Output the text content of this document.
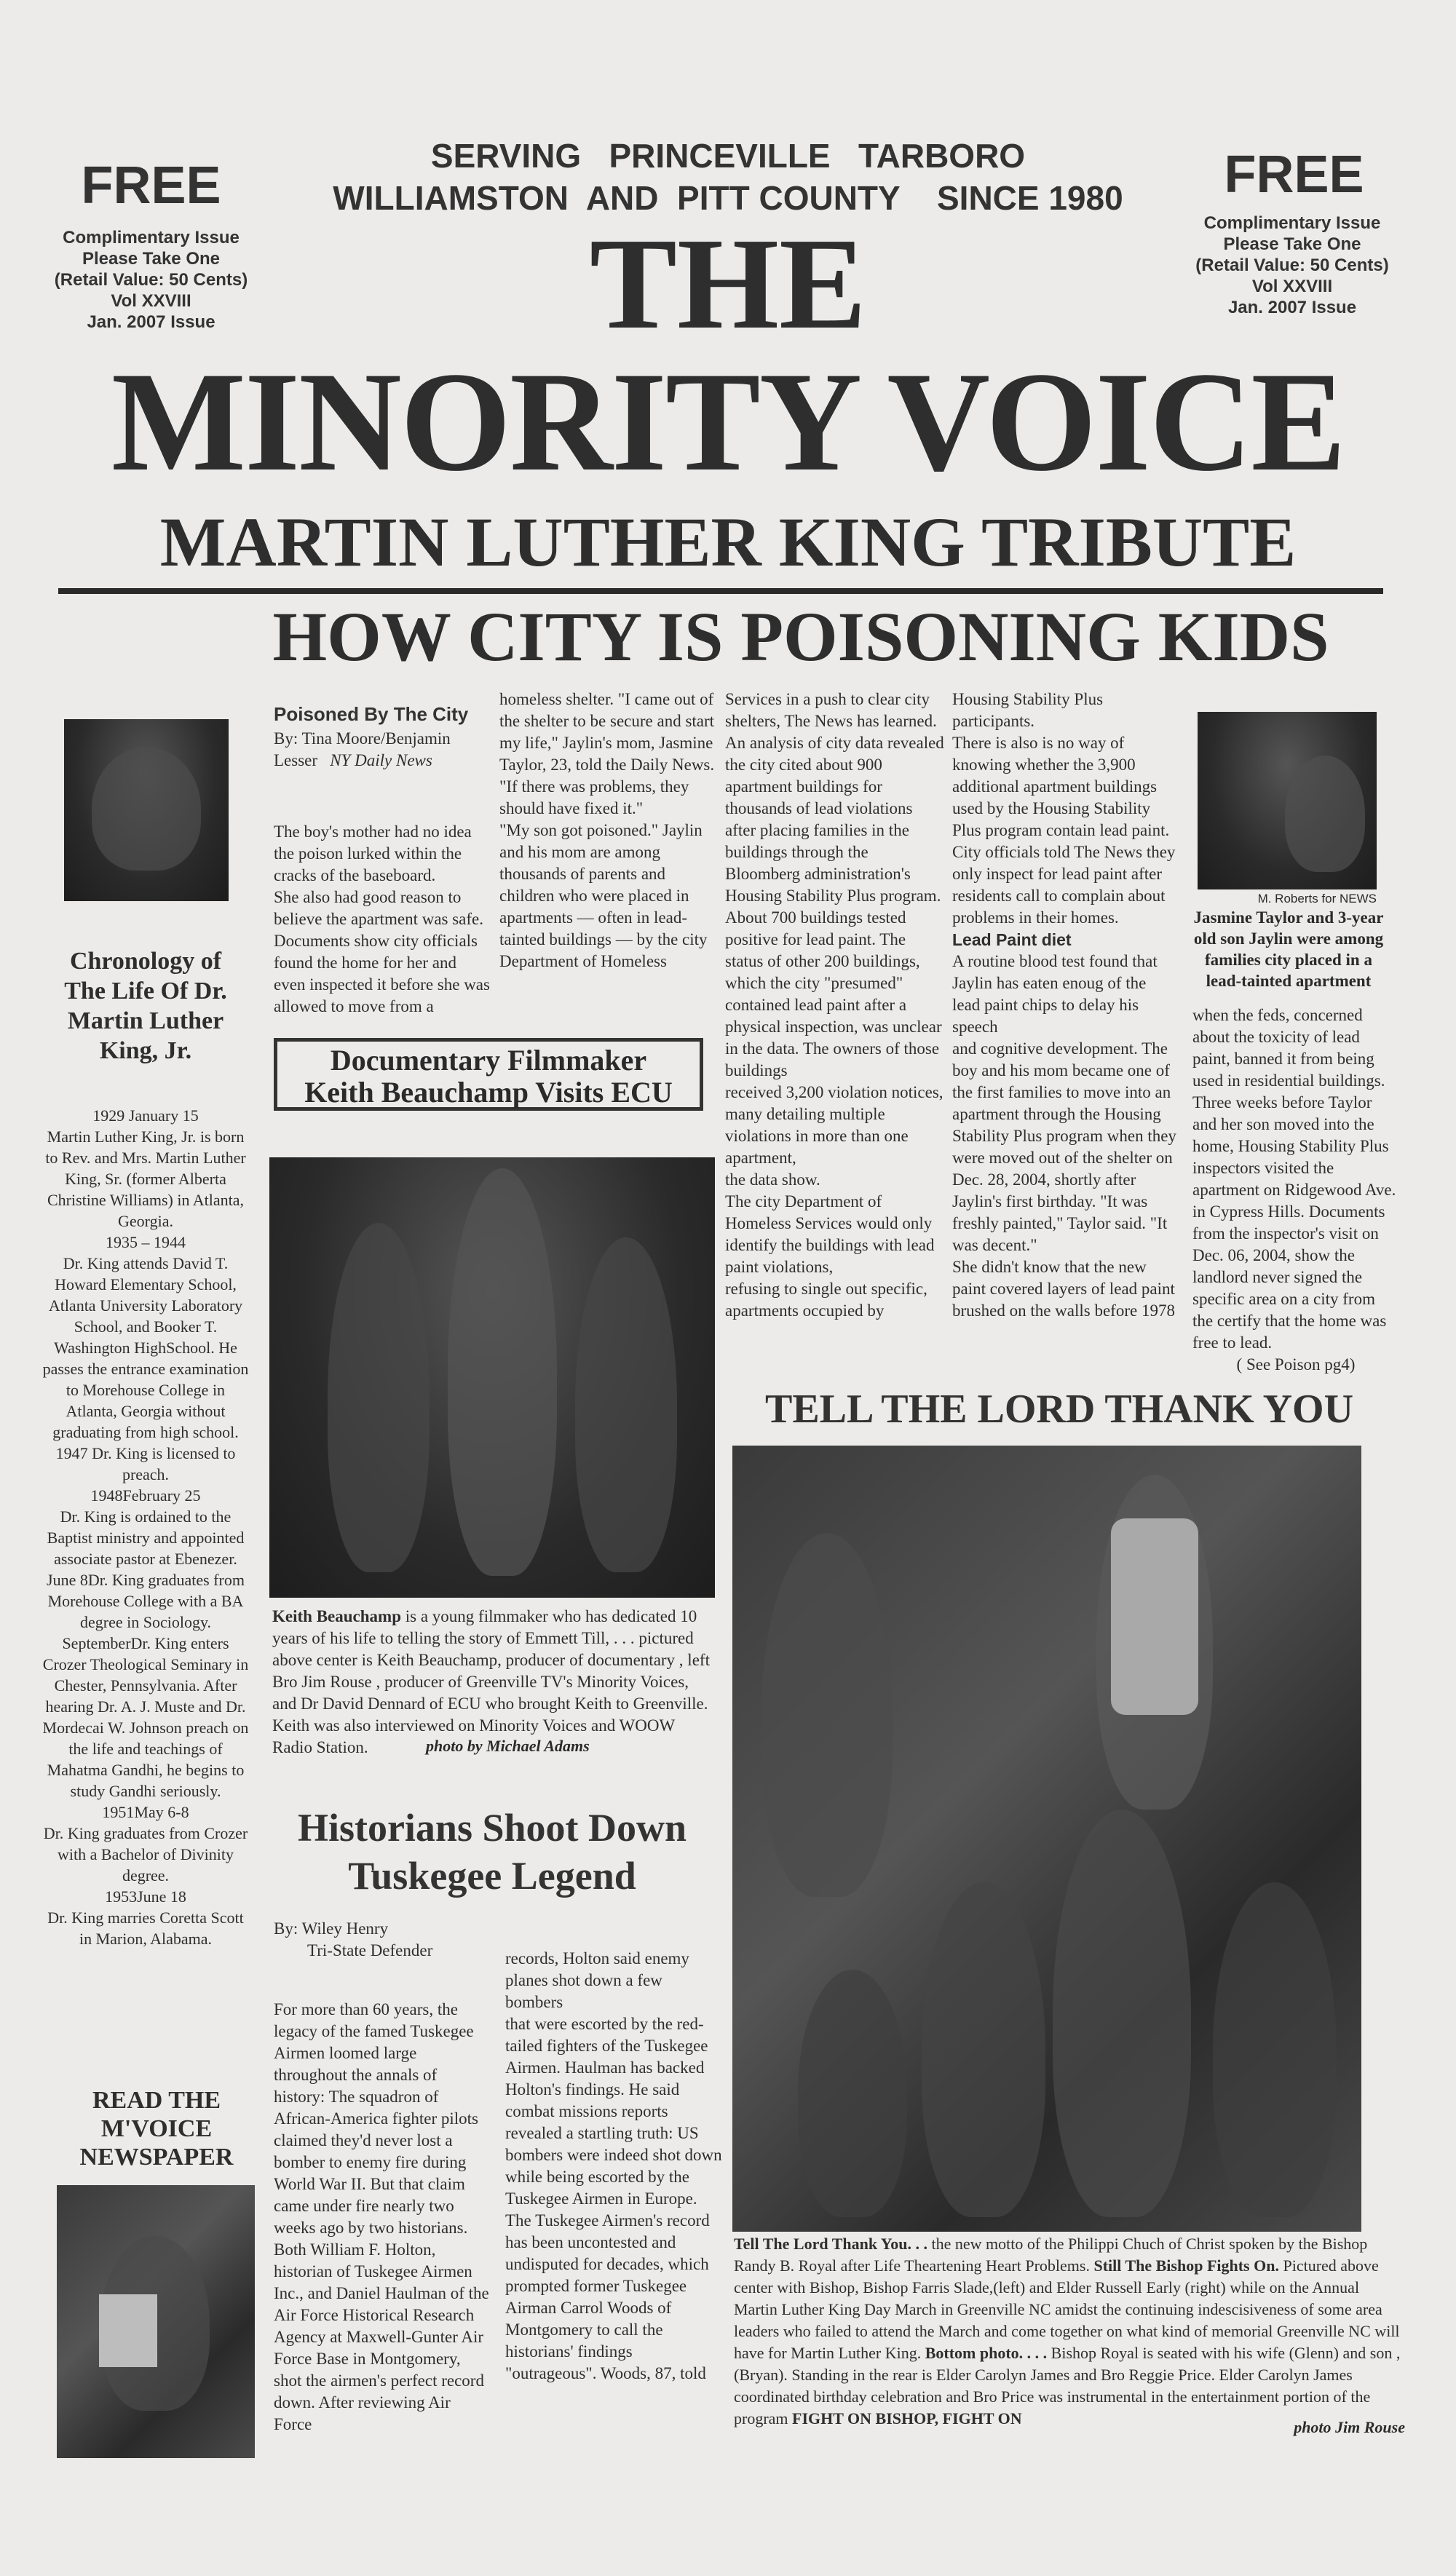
FREE
Complimentary Issue
Please Take One
(Retail Value: 50 Cents)
Vol XXVIII
Jan. 2007 Issue
FREE
Complimentary Issue
Please Take One
(Retail Value: 50 Cents)
Vol XXVIII
Jan. 2007 Issue
SERVING   PRINCEVILLE   TARBORO
WILLIAMSTON  AND  PITT COUNTY    SINCE 1980
THE
MINORITY VOICE
MARTIN LUTHER KING TRIBUTE
HOW CITY IS POISONING KIDS
Chronology of The Life Of Dr. Martin Luther King, Jr.
1929 January 15
Martin Luther King, Jr. is born to Rev. and Mrs. Martin Luther King, Sr. (former Alberta Christine Williams) in Atlanta, Georgia.
1935 – 1944
Dr. King attends David T. Howard Elementary School, Atlanta University Laboratory School, and Booker T. Washington HighSchool. He passes the entrance examination to Morehouse College in Atlanta, Georgia without graduating from high school.
1947 Dr. King is licensed to preach.
1948February 25
Dr. King is ordained to the Baptist ministry and appointed associate pastor at Ebenezer.
June 8Dr. King graduates from Morehouse College with a BA degree in Sociology.
SeptemberDr. King enters Crozer Theological Seminary in Chester, Pennsylvania. After hearing Dr. A. J. Muste and Dr. Mordecai W. Johnson preach on the life and teachings of Mahatma Gandhi, he begins to study Gandhi seriously.
1951May 6-8
Dr. King graduates from Crozer with a Bachelor of Divinity degree.
1953June 18
Dr. King marries Coretta Scott in Marion, Alabama.
READ THE M'VOICE NEWSPAPER
Poisoned By The City
By: Tina Moore/Benjamin
Lesser NY Daily News
The boy's mother had no idea the poison lurked within the cracks of the baseboard.
She also had good reason to believe the apartment was safe. Documents show city officials found the home for her and even inspected it before she was allowed to move from a
homeless shelter. "I came out of the shelter to be secure and start my life," Jaylin's mom, Jasmine Taylor, 23, told the Daily News. "If there was problems, they should have fixed it."
"My son got poisoned." Jaylin and his mom are among thousands of parents and children who were placed in apartments — often in lead-tainted buildings — by the city Department of Homeless
Services in a push to clear city shelters, The News has learned.
An analysis of city data revealed the city cited about 900 apartment buildings for thousands of lead violations after placing families in the buildings through the Bloomberg administration's Housing Stability Plus program. About 700 buildings tested positive for lead paint. The status of other 200 buildings, which the city "presumed" contained lead paint after a physical inspection, was unclear in the data. The owners of those buildings
received 3,200 violation notices, many detailing multiple violations in more than one apartment,
the data show.
The city Department of Homeless Services would only identify the buildings with lead paint violations,
refusing to single out specific, apartments occupied by
Housing Stability Plus participants.
There is also is no way of knowing whether the 3,900 additional apartment buildings used by the Housing Stability Plus program contain lead paint. City officials told The News they only inspect for lead paint after residents call to complain about problems in their homes.
Lead Paint diet
A routine blood test found that Jaylin has eaten enoug of the lead paint chips to delay his speech
and cognitive development. The boy and his mom became one of the first families to move into an apartment through the Housing Stability Plus program when they were moved out of the shelter on Dec. 28, 2004, shortly after Jaylin's first birthday. "It was freshly painted," Taylor said. "It was decent."
She didn't know that the new paint covered layers of lead paint brushed on the walls before 1978
M. Roberts for NEWS
Jasmine Taylor and 3-year old son Jaylin were among families city placed in a lead-tainted apartment
when the feds, concerned about the toxicity of lead paint, banned it from being used in residential buildings.
Three weeks before Taylor and her son moved into the home, Housing Stability Plus inspectors visited the apartment on Ridgewood Ave. in Cypress Hills. Documents from the inspector's visit on Dec. 06, 2004, show the landlord never signed the specific area on a city from the certify that the home was free to lead.
( See Poison pg4)
Documentary Filmmaker
Keith Beauchamp Visits ECU
Keith Beauchamp is a young filmmaker who has dedicated 10 years of his life to telling the story of Emmett Till, . . . pictured above center is Keith Beauchamp, producer of documentary , left Bro Jim Rouse , producer of Greenville TV's Minority Voices, and Dr David Dennard of ECU who brought Keith to Greenville. Keith was also interviewed on Minority Voices and WOOW Radio Station.	photo by Michael Adams
Historians Shoot Down
Tuskegee Legend
By: Wiley Henry
Tri-State Defender
For more than 60 years, the legacy of the famed Tuskegee Airmen loomed large throughout the annals of history: The squadron of African-America fighter pilots claimed they'd never lost a bomber to enemy fire during World War II. But that claim came under fire nearly two weeks ago by two historians. Both William F. Holton, historian of Tuskegee Airmen Inc., and Daniel Haulman of the Air Force Historical Research Agency at Maxwell-Gunter Air Force Base in Montgomery, shot the airmen's perfect record down. After reviewing Air Force
records, Holton said enemy planes shot down a few bombers
that were escorted by the red-tailed fighters of the Tuskegee Airmen. Haulman has backed Holton's findings. He said combat missions reports revealed a startling truth: US bombers were indeed shot down while being escorted by the Tuskegee Airmen in Europe. The Tuskegee Airmen's record has been uncontested and undisputed for decades, which prompted former Tuskegee Airman Carrol Woods of Montgomery to call the historians' findings "outrageous". Woods, 87, told
TELL THE LORD THANK YOU
Tell The Lord Thank You. . . the new motto of the Philippi Chuch of Christ spoken by the Bishop Randy B. Royal after Life Theartening Heart Problems. Still The Bishop Fights On. Pictured above center with Bishop, Bishop Farris Slade,(left) and Elder Russell Early (right) while on the Annual Martin Luther King Day March in Greenville NC amidst the continuing indescisiveness of some area leaders who failed to attend the March and come together on what kind of memorial Greenville NC will have for Martin Luther King. Bottom photo. . . . Bishop Royal is seated with his wife (Glenn) and son , (Bryan). Standing in the rear is Elder Carolyn James and Bro Reggie Price. Elder Carolyn James coordinated birthday celebration and Bro Price was instrumental in the entertainment portion of the program FIGHT ON BISHOP, FIGHT ON	photo Jim Rouse
